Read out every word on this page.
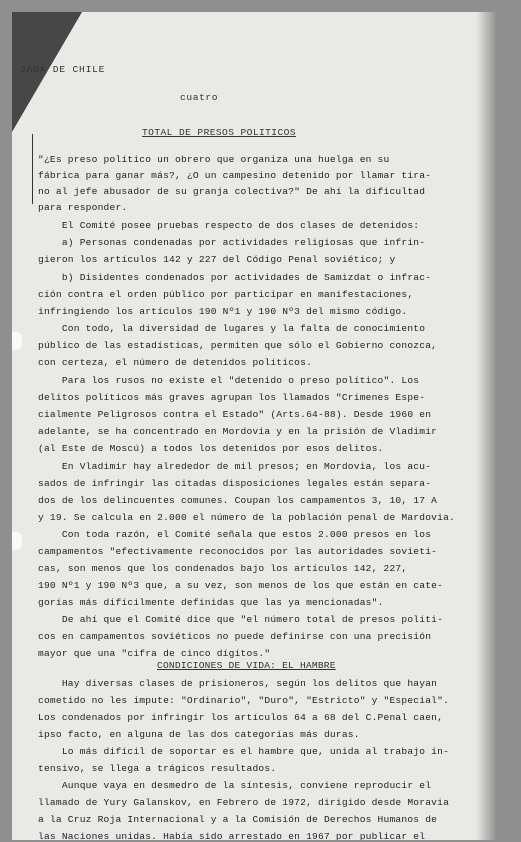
JADA DE CHILE
cuatro
TOTAL DE PRESOS POLITICOS
"¿Es preso político un obrero que organiza una huelga en su
fábrica para ganar más?, ¿O un campesino detenido por llamar tira-
no al jefe abusador de su granja colectiva?" De ahí la dificultad
para responder.
El Comité posee pruebas respecto de dos clases de detenidos:
a) Personas condenadas por actividades religiosas que infrin-
gieron los artículos 142 y 227 del Código Penal soviético; y
b) Disidentes condenados por actividades de Samizdat o infrac-
ción contra el orden público por participar en manifestaciones,
infringiendo los artículos 190 Nº1 y 190 Nº3 del mismo código.
Con todo, la diversidad de lugares y la falta de conocimiento
público de las estadísticas, permiten que sólo el Gobierno conozca,
con certeza, el número de detenidos políticos.
Para los rusos no existe el "detenido o preso político". Los
delitos políticos más graves agrupan los llamados "Crímenes Espe-
cialmente Peligrosos contra el Estado" (Arts.64-88). Desde 1960 en
adelante, se ha concentrado en Mordovia y en la prisión de Vladimir
(al Este de Moscú) a todos los detenidos por esos delitos.
En Vladimir hay alrededor de mil presos; en Mordovia, los acu-
sados de infringir las citadas disposiciones legales están separa-
dos de los delincuentes comunes. Coupan los campamentos 3, 10, 17 A
y 19. Se calcula en 2.000 el número de la población penal de Mardovia.
Con toda razón, el Comité señala que estos 2.000 presos en los
campamentos "efectivamente reconocidos por las autoridades sovieti-
cas, son menos que los condenados bajo los artículos 142, 227,
190 Nº1 y 190 Nº3 que, a su vez, son menos de los que están en cate-
gorías más difícilmente definidas que las ya mencionadas".
De ahí que el Comité dice que "el número total de presos políti-
cos en campamentos soviéticos no puede definirse con una precisión
mayor que una "cifra de cinco dígitos."
Hay diversas clases de prisioneros, según los delitos que hayan
cometido no les impute: "Ordinario", "Duro", "Estricto" y "Especial".
Los condenados por infringir los artículos 64 a 68 del C.Penal caen,
ipso facto, en alguna de las dos categorías más duras.
Lo más difícil de soportar es el hambre que, unida al trabajo in-
tensivo, se llega a trágicos resultados.
Aunque vaya en desmedro de la síntesis, conviene reproducir el
llamado de Yury Galanskov, en Febrero de 1972, dirigido desde Moravia
a la Cruz Roja Internacional y a la Comisión de Derechos Humanos de
las Naciones unidas. Había sido arrestado en 1967 por publicar el
CONDICIONES DE VIDA: EL HAMBRE
